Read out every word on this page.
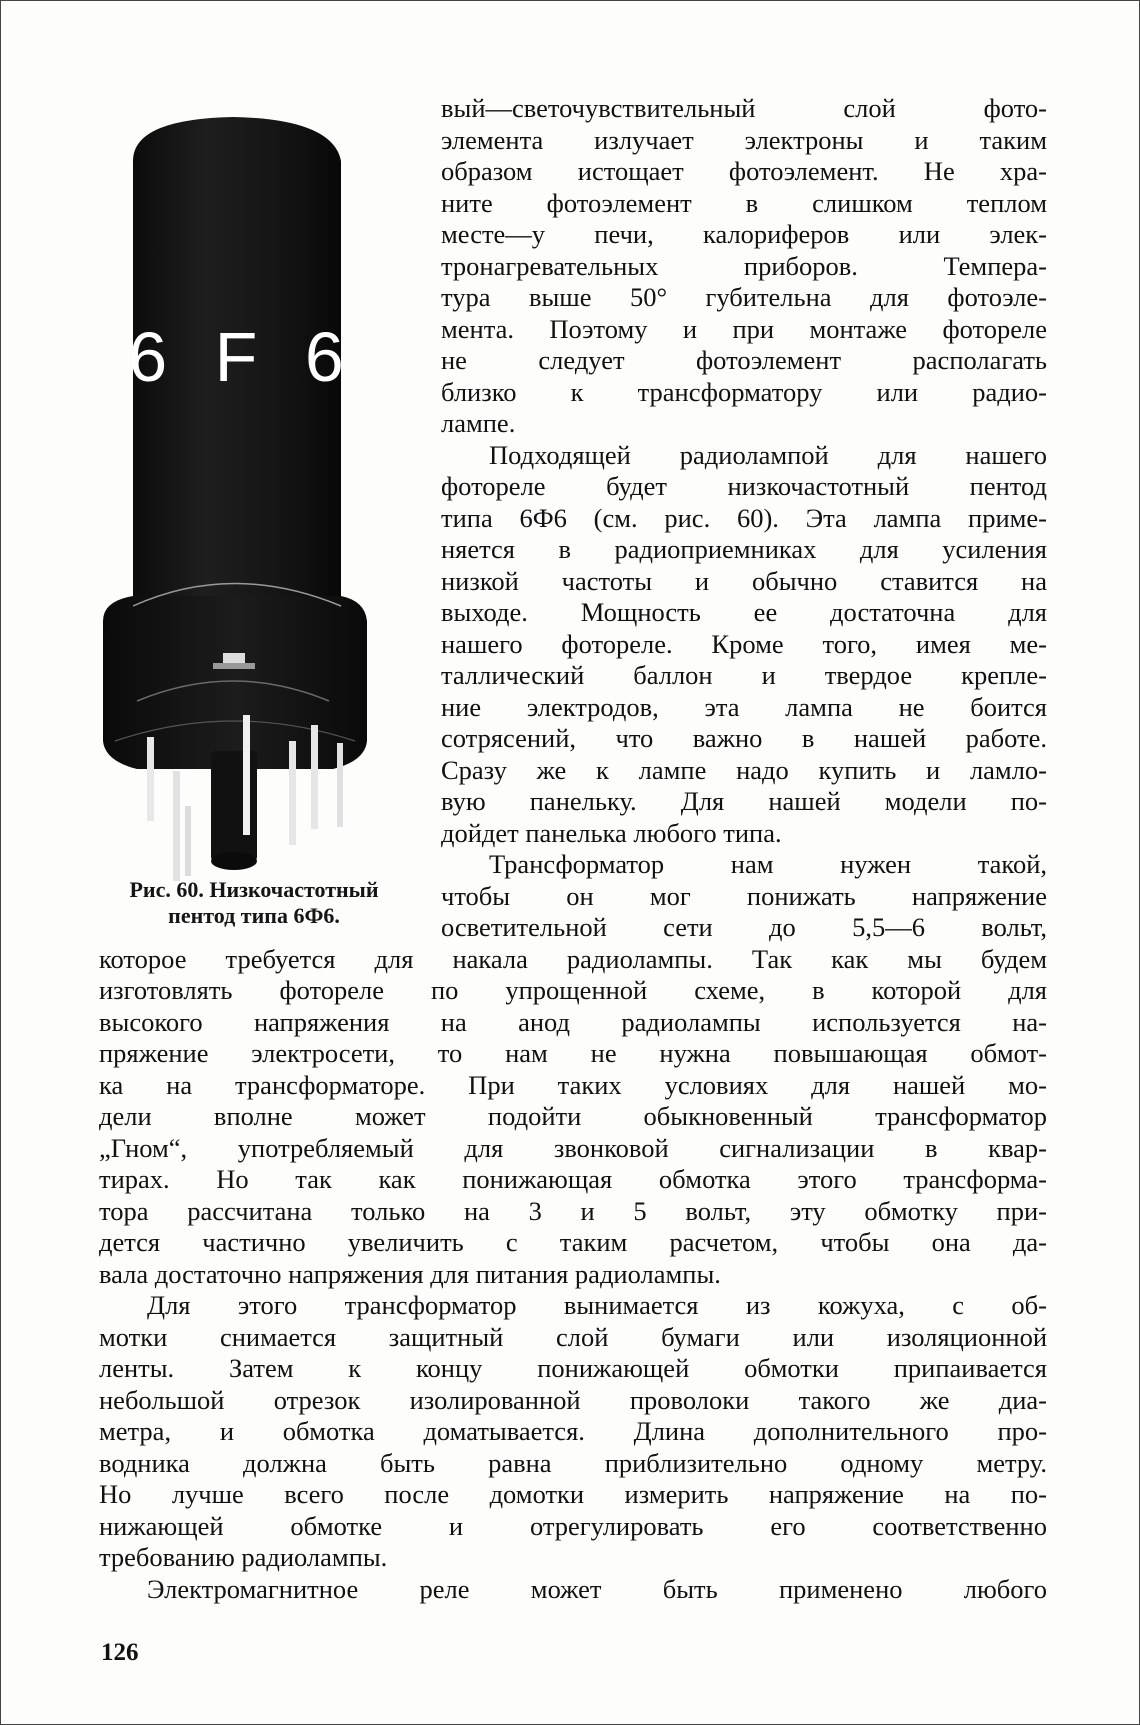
6 F 6
Рис. 60. Низкочастотный
пентод типа 6Ф6.
вый—светочувствительный слой фото-
элемента излучает электроны и таким
образом истощает фотоэлемент. Не хра-
ните фотоэлемент в слишком теплом
месте—у печи, калориферов или элек-
тронагревательных приборов. Темпера-
тура выше 50° губительна для фотоэле-
мента. Поэтому и при монтаже фотореле
не следует фотоэлемент располагать
близко к трансформатору или радио-
лампе.
Подходящей радиолампой для нашего
фотореле будет низкочастотный пентод
типа 6Ф6 (см. рис. 60). Эта лампа приме-
няется в радиоприемниках для усиления
низкой частоты и обычно ставится на
выходе. Мощность ее достаточна для
нашего фотореле. Кроме того, имея ме-
таллический баллон и твердое крепле-
ние электродов, эта лампа не боится
сотрясений, что важно в нашей работе.
Сразу же к лампе надо купить и ламло-
вую панельку. Для нашей модели по-
дойдет панелька любого типа.
Трансформатор нам нужен такой,
чтобы он мог понижать напряжение
осветительной сети до 5,5—6 вольт,
которое требуется для накала радиолампы. Так как мы будем
изготовлять фотореле по упрощенной схеме, в которой для
высокого напряжения на анод радиолампы используется на-
пряжение электросети, то нам не нужна повышающая обмот-
ка на трансформаторе. При таких условиях для нашей мо-
дели вполне может подойти обыкновенный трансформатор
„Гном“, употребляемый для звонковой сигнализации в квар-
тирах. Но так как понижающая обмотка этого трансформа-
тора рассчитана только на 3 и 5 вольт, эту обмотку при-
дется частично увеличить с таким расчетом, чтобы она да-
вала достаточно напряжения для питания радиолампы.
Для этого трансформатор вынимается из кожуха, с об-
мотки снимается защитный слой бумаги или изоляционной
ленты. Затем к концу понижающей обмотки припаивается
небольшой отрезок изолированной проволоки такого же диа-
метра, и обмотка доматывается. Длина дополнительного про-
водника должна быть равна приблизительно одному метру.
Но лучше всего после домотки измерить напряжение на по-
нижающей обмотке и отрегулировать его соответственно
требованию радиолампы.
Электромагнитное реле может быть применено любого
126
